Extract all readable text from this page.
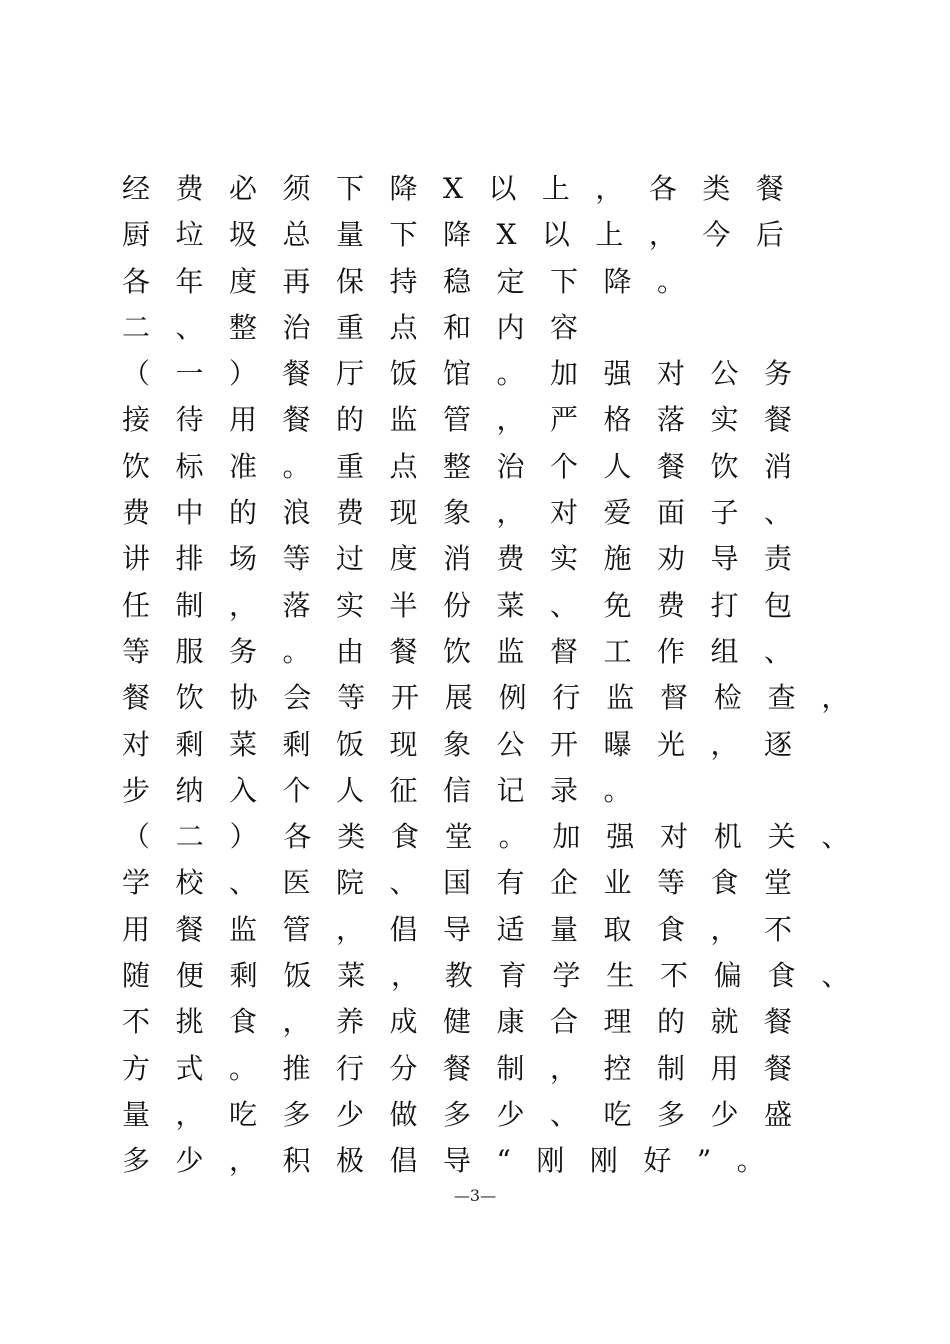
经费必须下降X以上，各类餐
厨垃圾总量下降X以上，今后
各年度再保持稳定下降。
二、整治重点和内容
（一）餐厅饭馆。加强对公务
接待用餐的监管，严格落实餐
饮标准。重点整治个人餐饮消
费中的浪费现象，对爱面子、
讲排场等过度消费实施劝导责
任制，落实半份菜、免费打包
等服务。由餐饮监督工作组、
餐饮协会等开展例行监督检查，
对剩菜剩饭现象公开曝光，逐
步纳入个人征信记录。
（二）各类食堂。加强对机关、
学校、医院、国有企业等食堂
用餐监管，倡导适量取食，不
随便剩饭菜，教育学生不偏食、
不挑食，养成健康合理的就餐
方式。推行分餐制，控制用餐
量，吃多少做多少、吃多少盛
多少，积极倡导“刚刚好”。
—3—
